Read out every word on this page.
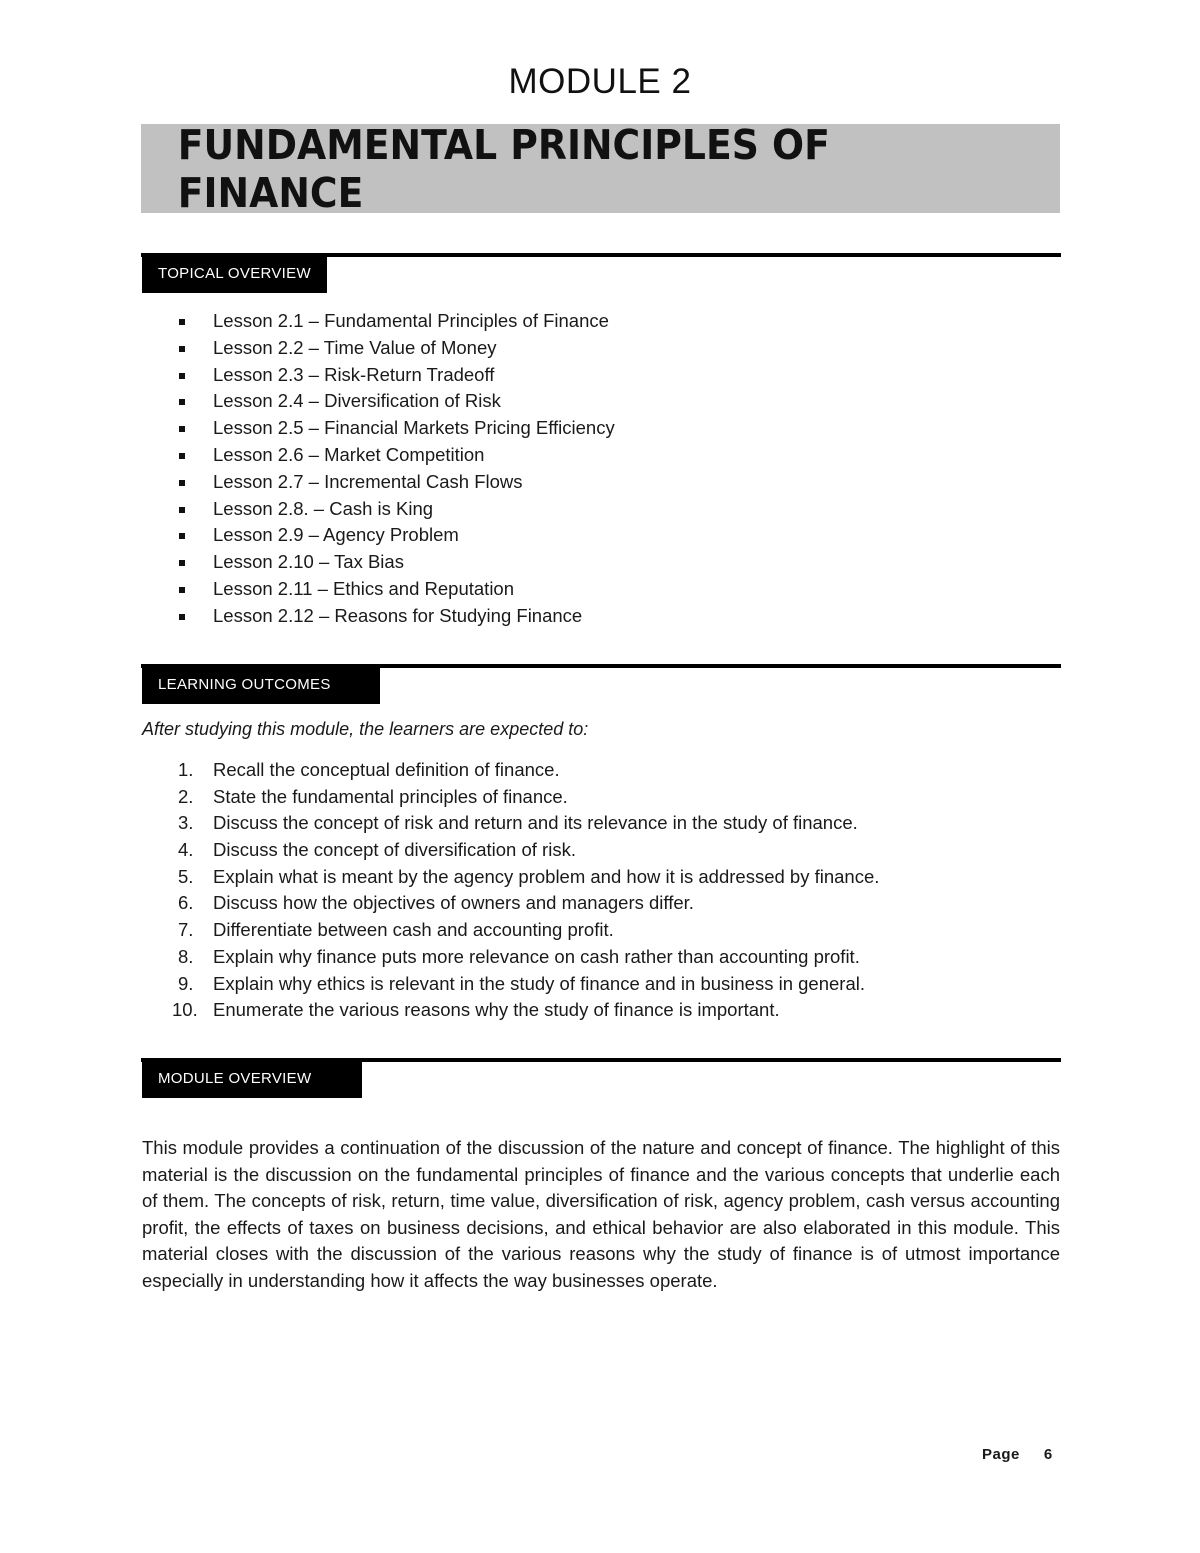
MODULE 2
FUNDAMENTAL PRINCIPLES OF FINANCE
TOPICAL OVERVIEW
Lesson 2.1 – Fundamental Principles of Finance
Lesson 2.2 – Time Value of Money
Lesson 2.3 – Risk-Return Tradeoff
Lesson 2.4 – Diversification of Risk
Lesson 2.5 – Financial Markets Pricing Efficiency
Lesson 2.6 – Market Competition
Lesson 2.7 – Incremental Cash Flows
Lesson 2.8. – Cash is King
Lesson 2.9 – Agency Problem
Lesson 2.10 – Tax Bias
Lesson 2.11 – Ethics and Reputation
Lesson 2.12 – Reasons for Studying Finance
LEARNING OUTCOMES
After studying this module, the learners are expected to:
1.	Recall the conceptual definition of finance.
2.	State the fundamental principles of finance.
3.	Discuss the concept of risk and return and its relevance in the study of finance.
4.	Discuss the concept of diversification of risk.
5.	Explain what is meant by the agency problem and how it is addressed by finance.
6.	Discuss how the objectives of owners and managers differ.
7.	Differentiate between cash and accounting profit.
8.	Explain why finance puts more relevance on cash rather than accounting profit.
9.	Explain why ethics is relevant in the study of finance and in business in general.
10. Enumerate the various reasons why the study of finance is important.
MODULE OVERVIEW

This module provides a continuation of the discussion of the nature and concept of finance. The highlight of this material is the discussion on the fundamental principles of finance and the various concepts that underlie each of them. The concepts of risk, return, time value, diversification of risk, agency problem, cash versus accounting profit, the effects of taxes on business decisions, and ethical behavior are also elaborated in this module. This material closes with the discussion of the various reasons why the study of finance is of utmost importance especially in understanding how it affects the way businesses operate.

Page 6
